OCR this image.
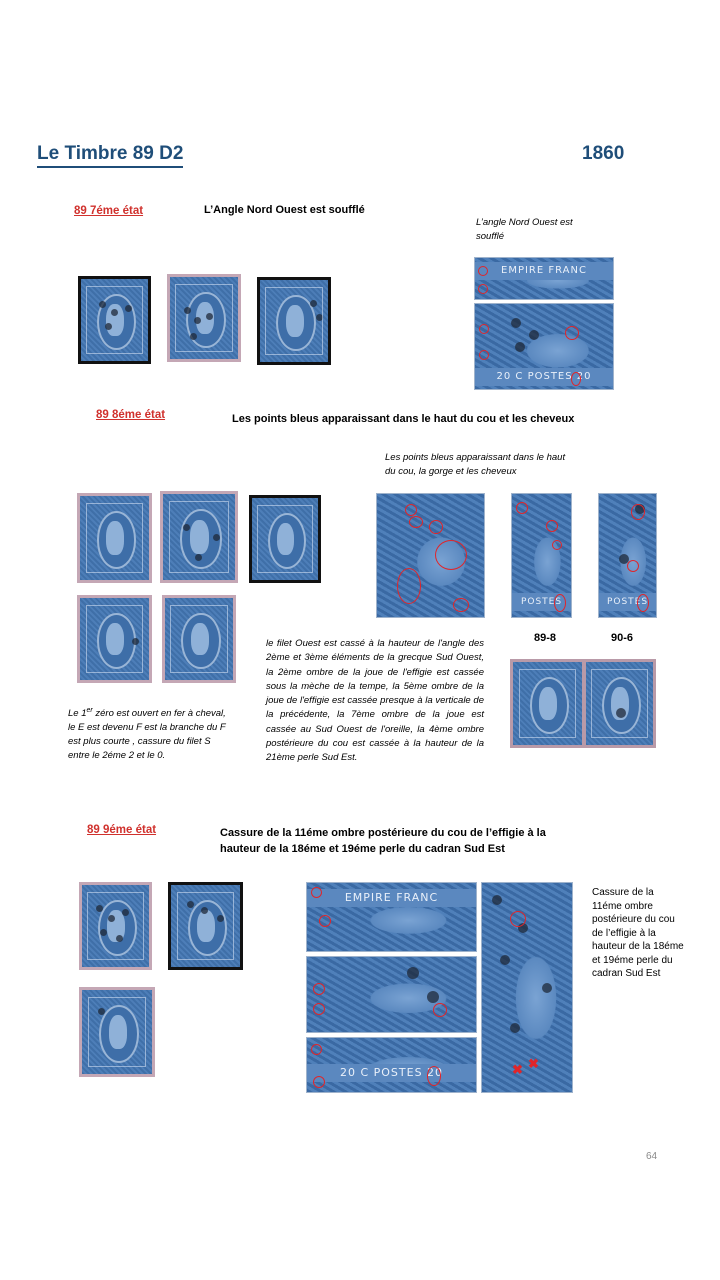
Le Timbre 89 D2	1860
89 7éme état	L’Angle Nord Ouest est soufflé
L’angle Nord Ouest est soufflé
EMPIRE FRANC
20 C POSTES 20
89 8éme état	Les points bleus apparaissant dans le haut du cou et les cheveux
Les points bleus apparaissant dans le haut du cou, la gorge et les cheveux
POSTES	POSTES
89-8	90-6
le filet Ouest est cassé à la hauteur de l'angle des 2ème et 3ème éléments de la grecque Sud Ouest, la 2ème ombre de la joue de l'effigie est cassée sous la mèche de la tempe, la 5ème ombre de la joue de l'effigie est cassée presque à la verticale de la précédente, la 7ème ombre de la joue est cassée au Sud Ouest de l'oreille, la 4ème ombre postérieure du cou est cassée à la hauteur de la 21ème perle Sud Est.
Le 1er zéro est ouvert en fer à cheval, le E est devenu F est la branche du F est plus courte , cassure du filet S entre le 2éme 2 et le 0.
89 9éme état	Cassure de la 11éme ombre postérieure du cou de l’effigie à la
hauteur de la 18éme et 19éme perle du cadran Sud Est
EMPIRE FRANC
20 C POSTES 20	✖ ✖
Cassure de la 11éme ombre postérieure du cou de l’effigie à la hauteur de la 18éme et 19éme perle du cadran Sud Est
64
